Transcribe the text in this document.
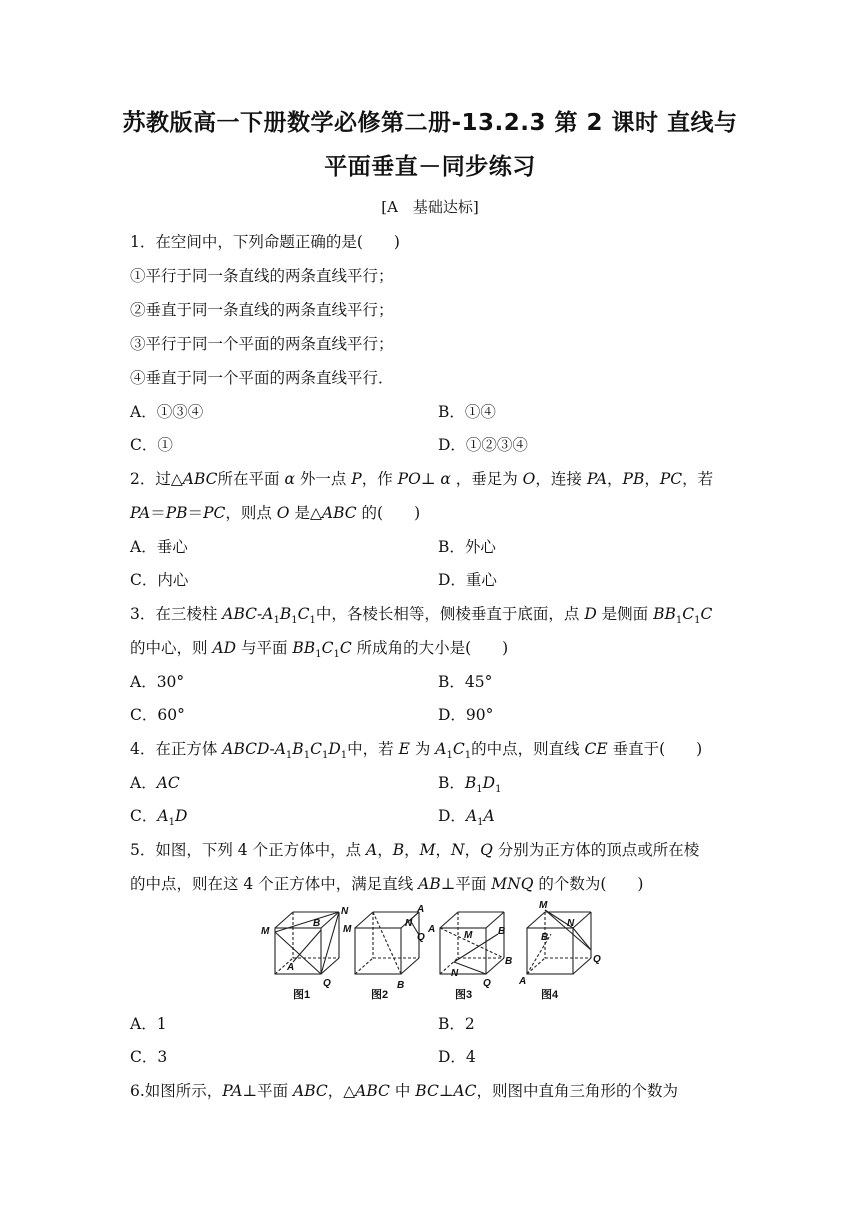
苏教版高一下册数学必修第二册-13.2.3 第 2 课时 直线与
平面垂直－同步练习
[A　基础达标]
1．在空间中，下列命题正确的是(　　)
①平行于同一条直线的两条直线平行；
②垂直于同一条直线的两条直线平行；
③平行于同一个平面的两条直线平行；
④垂直于同一个平面的两条直线平行．
A．①③④	B．①④
C．①	D．①②③④
2．过△ABC所在平面 α 外一点 P，作 PO⊥ α ，垂足为 O，连接 PA，PB，PC，若
PA＝PB＝PC，则点 O 是△ABC 的(　　)
A．垂心	B．外心
C．内心	D．重心
3．在三棱柱 ABC-$A_1B_1C_1$中，各棱长相等，侧棱垂直于底面，点 D 是侧面 $BB_1C_1C$
的中心，则 AD 与平面 $BB_1C_1C$ 所成角的大小是(　　)
A．30°	B．45°
C．60°	D．90°
4．在正方体 ABCD-$A_1B_1C_1D_1$中，若 E 为 $A_1C_1$的中点，则直线 CE 垂直于(　　)
A．AC	B．$B_1D_1$
C．$A_1D$	D．$A_1A$
5．如图，下列 4 个正方体中，点 A，B，M，N，Q 分别为正方体的顶点或所在棱
的中点，则在这 4 个正方体中，满足直线 AB⊥平面 MNQ 的个数为(　　)
M
N
B
A
Q
A
Q
N
B
M	A	B
N
Q
B
M
M
N
B
Q
A
图1	图2	图3	图4
A．1	B．2
C．3	D．4
6.如图所示，PA⊥平面 ABC，△ABC 中 BC⊥AC，则图中直角三角形的个数为
